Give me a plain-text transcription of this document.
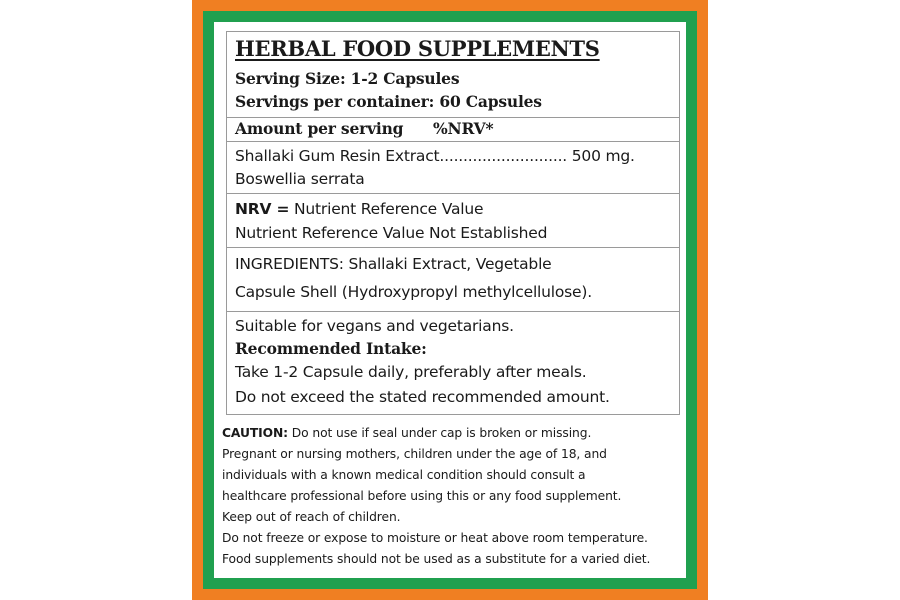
HERBAL FOOD SUPPLEMENTS
Serving Size: 1-2 Capsules
Servings per container: 60 Capsules
Amount per serving %NRV*
Shallaki Gum Resin Extract........................... 500 mg.
Boswellia serrata
NRV = Nutrient Reference Value
Nutrient Reference Value Not Established
INGREDIENTS: Shallaki Extract, Vegetable
Capsule Shell (Hydroxypropyl methylcellulose).
Suitable for vegans and vegetarians.
Recommended Intake:
Take 1-2 Capsule daily, preferably after meals.
Do not exceed the stated recommended amount.
CAUTION: Do not use if seal under cap is broken or missing.
Pregnant or nursing mothers, children under the age of 18, and
individuals with a known medical condition should consult a
healthcare professional before using this or any food supplement.
Keep out of reach of children.
Do not freeze or expose to moisture or heat above room temperature.
Food supplements should not be used as a substitute for a varied diet.
